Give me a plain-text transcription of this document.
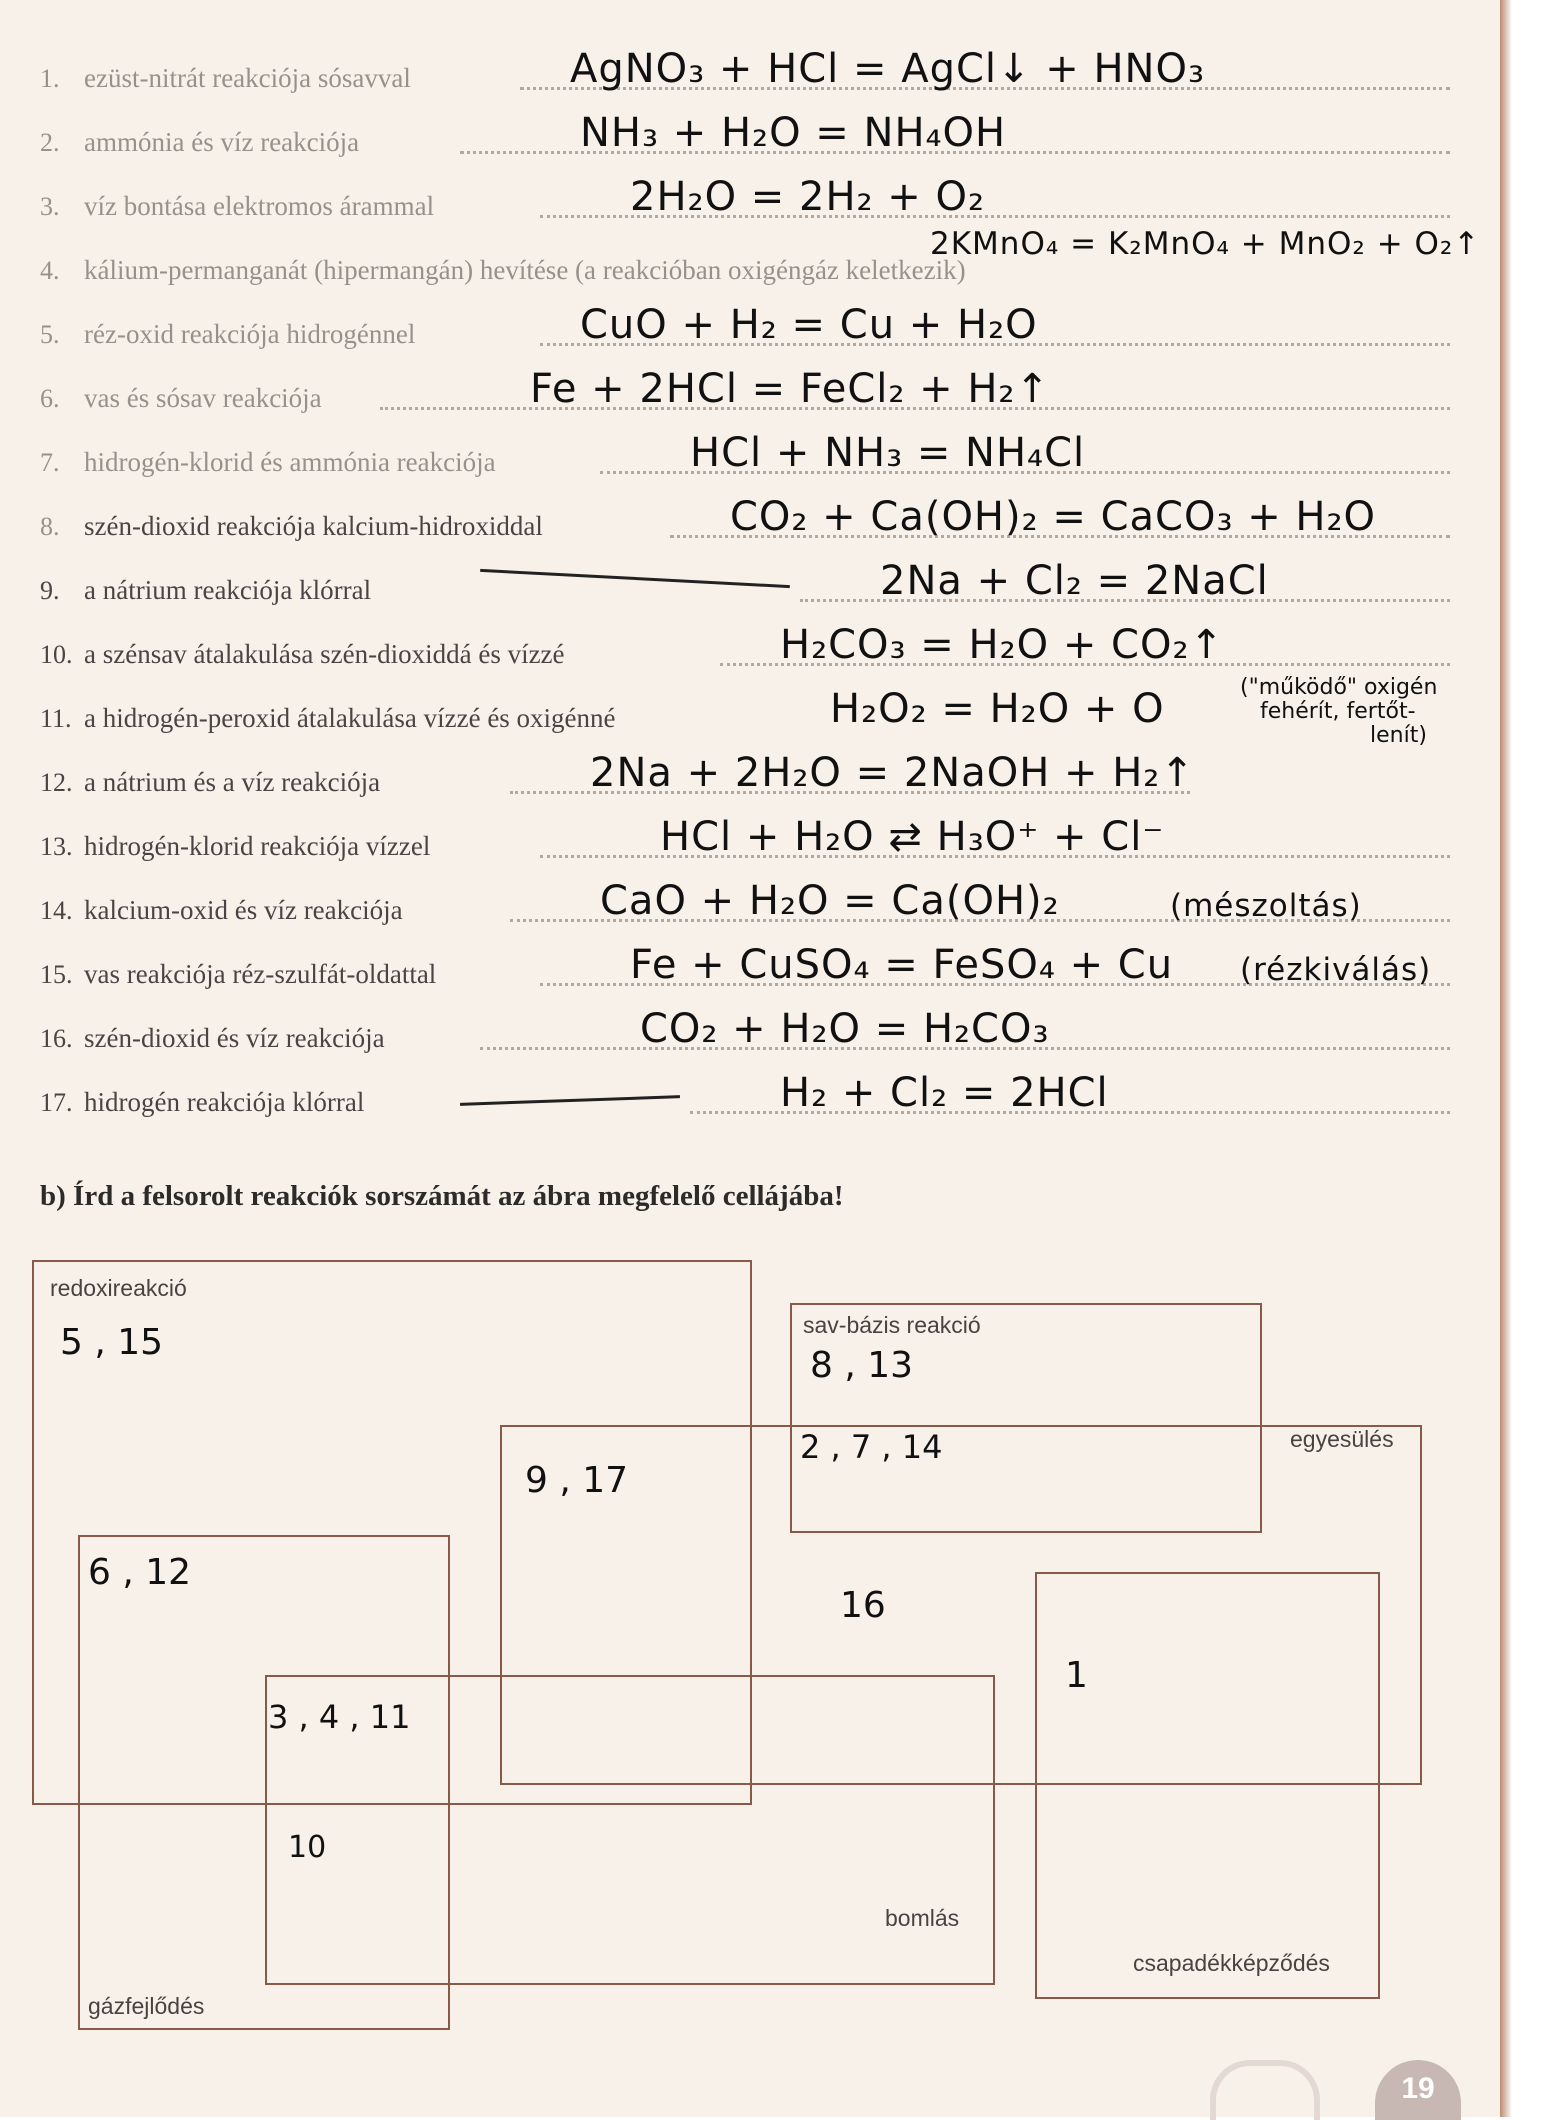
1. ezüst-nitrát reakciója sósavval	AgNO₃ + HCl = AgCl↓ + HNO₃
2. ammónia és víz reakciója	NH₃ + H₂O = NH₄OH
3. víz bontása elektromos árammal	2H₂O = 2H₂ + O₂
4. kálium-permanganát (hipermangán) hevítése (a reakcióban oxigéngáz keletkezik)
2KMnO₄ = K₂MnO₄ + MnO₂ + O₂↑
5. réz-oxid reakciója hidrogénnel	CuO + H₂ = Cu + H₂O
6. vas és sósav reakciója	Fe + 2HCl = FeCl₂ + H₂↑
7. hidrogén-klorid és ammónia reakciója	HCl + NH₃ = NH₄Cl
8. szén-dioxid reakciója kalcium-hidroxiddal	CO₂ + Ca(OH)₂ = CaCO₃ + H₂O
9. a nátrium reakciója klórral	2Na + Cl₂ = 2NaCl
10. a szénsav átalakulása szén-dioxiddá és vízzé	H₂CO₃ = H₂O + CO₂↑
11. a hidrogén-peroxid átalakulása vízzé és oxigénné	H₂O₂ = H₂O + O	("működő" oxigén
fehérít, fertőt-
lenít)
12. a nátrium és a víz reakciója	2Na + 2H₂O = 2NaOH + H₂↑
13. hidrogén-klorid reakciója vízzel	HCl + H₂O ⇄ H₃O⁺ + Cl⁻
14. kalcium-oxid és víz reakciója	CaO + H₂O = Ca(OH)₂	(mészoltás)
15. vas reakciója réz-szulfát-oldattal	Fe + CuSO₄ = FeSO₄ + Cu (rézkiválás)
16. szén-dioxid és víz reakciója	CO₂ + H₂O = H₂CO₃
17. hidrogén reakciója klórral	H₂ + Cl₂ = 2HCl
b) Írd a felsorolt reakciók sorszámát az ábra megfelelő cellájába!
redoxireakció
sav-bázis reakció
egyesülés
bomlás
gázfejlődés
csapadékképződés
5 , 15
8 , 13
2 , 7 , 14
9 , 17
16
1
6 , 12
3 , 4 , 11
10
19
